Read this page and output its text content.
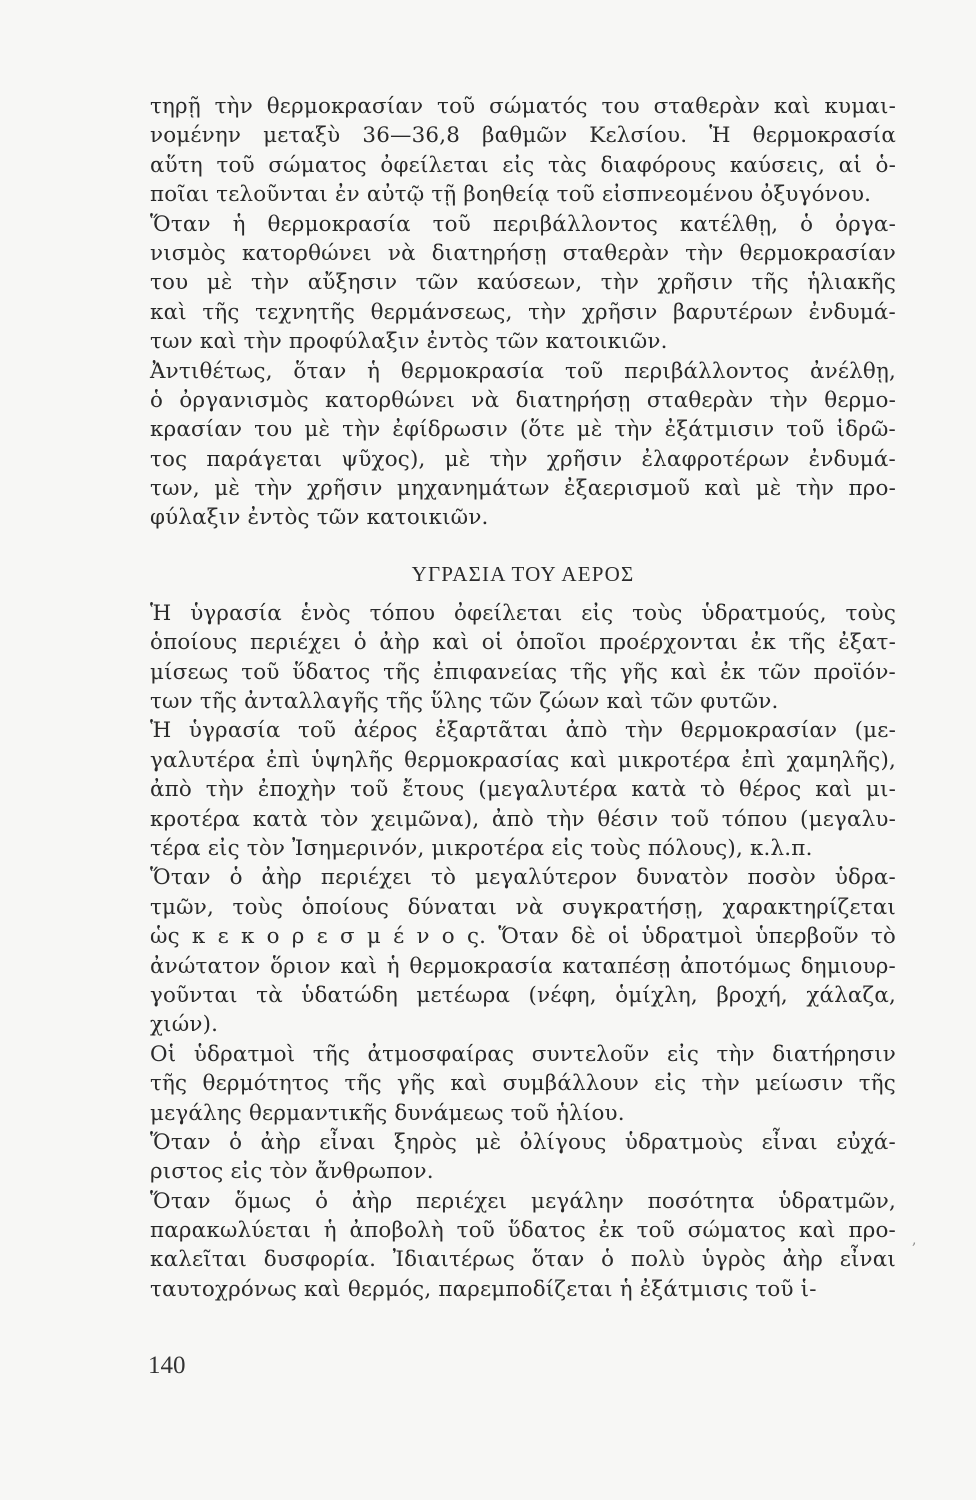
τηρῇ τὴν θερμοκρασίαν τοῦ σώματός του σταθερὰν καὶ κυμαι-
νομένην μεταξὺ 36—36,8 βαθμῶν Κελσίου. Ἡ θερμοκρασία
αὕτη τοῦ σώματος ὀφείλεται εἰς τὰς διαφόρους καύσεις, αἱ ὁ-
ποῖαι τελοῦνται ἐν αὐτῷ τῇ βοηθείᾳ τοῦ εἰσπνεομένου ὀξυγόνου.
Ὅταν ἡ θερμοκρασία τοῦ περιβάλλοντος κατέλθῃ, ὁ ὀργα-
νισμὸς κατορθώνει νὰ διατηρήσῃ σταθερὰν τὴν θερμοκρασίαν
του μὲ τὴν αὔξησιν τῶν καύσεων, τὴν χρῆσιν τῆς ἡλιακῆς
καὶ τῆς τεχνητῆς θερμάνσεως, τὴν χρῆσιν βαρυτέρων ἐνδυμά-
των καὶ τὴν προφύλαξιν ἐντὸς τῶν κατοικιῶν.
Ἀντιθέτως, ὅταν ἡ θερμοκρασία τοῦ περιβάλλοντος ἀνέλθῃ,
ὁ ὀργανισμὸς κατορθώνει νὰ διατηρήσῃ σταθερὰν τὴν θερμο-
κρασίαν του μὲ τὴν ἐφίδρωσιν (ὅτε μὲ τὴν ἐξάτμισιν τοῦ ἱδρῶ-
τος παράγεται ψῦχος), μὲ τὴν χρῆσιν ἐλαφροτέρων ἐνδυμά-
των, μὲ τὴν χρῆσιν μηχανημάτων ἐξαερισμοῦ καὶ μὲ τὴν προ-
φύλαξιν ἐντὸς τῶν κατοικιῶν.
ΥΓΡΑΣΙΑ ΤΟΥ ΑΕΡΟΣ
Ἡ ὑγρασία ἑνὸς τόπου ὀφείλεται εἰς τοὺς ὑδρατμούς, τοὺς
ὁποίους περιέχει ὁ ἀὴρ καὶ οἱ ὁποῖοι προέρχονται ἐκ τῆς ἐξατ-
μίσεως τοῦ ὕδατος τῆς ἐπιφανείας τῆς γῆς καὶ ἐκ τῶν προϊόν-
των τῆς ἀνταλλαγῆς τῆς ὕλης τῶν ζώων καὶ τῶν φυτῶν.
Ἡ ὑγρασία τοῦ ἀέρος ἐξαρτᾶται ἀπὸ τὴν θερμοκρασίαν (με-
γαλυτέρα ἐπὶ ὑψηλῆς θερμοκρασίας καὶ μικροτέρα ἐπὶ χαμηλῆς),
ἀπὸ τὴν ἐποχὴν τοῦ ἔτους (μεγαλυτέρα κατὰ τὸ θέρος καὶ μι-
κροτέρα κατὰ τὸν χειμῶνα), ἀπὸ τὴν θέσιν τοῦ τόπου (μεγαλυ-
τέρα εἰς τὸν Ἰσημερινόν, μικροτέρα εἰς τοὺς πόλους), κ.λ.π.
Ὅταν ὁ ἀὴρ περιέχει τὸ μεγαλύτερον δυνατὸν ποσὸν ὑδρα-
τμῶν, τοὺς ὁποίους δύναται νὰ συγκρατήσῃ, χαρακτηρίζεται
ὡς κ ε κ ο ρ ε σ μ έ ν ο ς. Ὅταν δὲ οἱ ὑδρατμοὶ ὑπερβοῦν τὸ
ἀνώτατον ὅριον καὶ ἡ θερμοκρασία καταπέσῃ ἀποτόμως δημιουρ-
γοῦνται τὰ ὑδατώδη μετέωρα (νέφη, ὁμίχλη, βροχή, χάλαζα,
χιών).
Οἱ ὑδρατμοὶ τῆς ἀτμοσφαίρας συντελοῦν εἰς τὴν διατήρησιν
τῆς θερμότητος τῆς γῆς καὶ συμβάλλουν εἰς τὴν μείωσιν τῆς
μεγάλης θερμαντικῆς δυνάμεως τοῦ ἡλίου.
Ὅταν ὁ ἀὴρ εἶναι ξηρὸς μὲ ὀλίγους ὑδρατμοὺς εἶναι εὐχά-
ριστος εἰς τὸν ἄνθρωπον.
Ὅταν ὅμως ὁ ἀὴρ περιέχει μεγάλην ποσότητα ὑδρατμῶν,
παρακωλύεται ἡ ἀποβολὴ τοῦ ὕδατος ἐκ τοῦ σώματος καὶ προ-
καλεῖται δυσφορία. Ἰδιαιτέρως ὅταν ὁ πολὺ ὑγρὸς ἀὴρ εἶναι
ταυτοχρόνως καὶ θερμός, παρεμποδίζεται ἡ ἐξάτμισις τοῦ ἱ-
140
,
